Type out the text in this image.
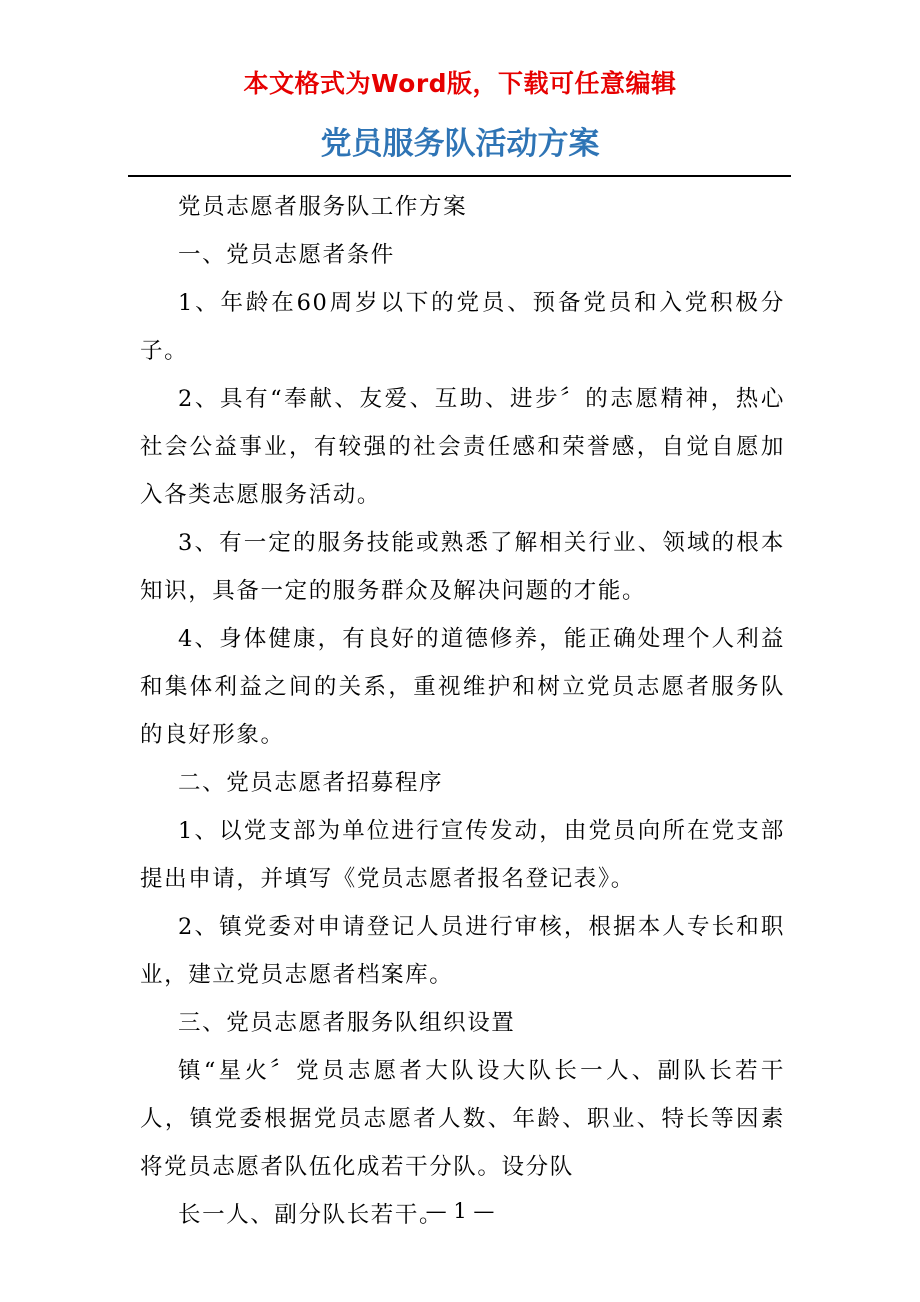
本文格式为Word版，下载可任意编辑
党员服务队活动方案

党员志愿者服务队工作方案

一、党员志愿者条件

1、年龄在60周岁以下的党员、预备党员和入党积极分子。

2、具有“奉献、友爱、互助、进步〞的志愿精神，热心社会公益事业，有较强的社会责任感和荣誉感，自觉自愿加入各类志愿服务活动。

3、有一定的服务技能或熟悉了解相关行业、领域的根本知识，具备一定的服务群众及解决问题的才能。

4、身体健康，有良好的道德修养，能正确处理个人利益和集体利益之间的关系，重视维护和树立党员志愿者服务队的良好形象。

二、党员志愿者招募程序

1、以党支部为单位进行宣传发动，由党员向所在党支部提出申请，并填写《党员志愿者报名登记表》。

2、镇党委对申请登记人员进行审核，根据本人专长和职业，建立党员志愿者档案库。

三、党员志愿者服务队组织设置

镇“星火〞党员志愿者大队设大队长一人、副队长若干人，镇党委根据党员志愿者人数、年龄、职业、特长等因素将党员志愿者队伍化成若干分队。设分队

长一人、副分队长若干。

— 1 —
